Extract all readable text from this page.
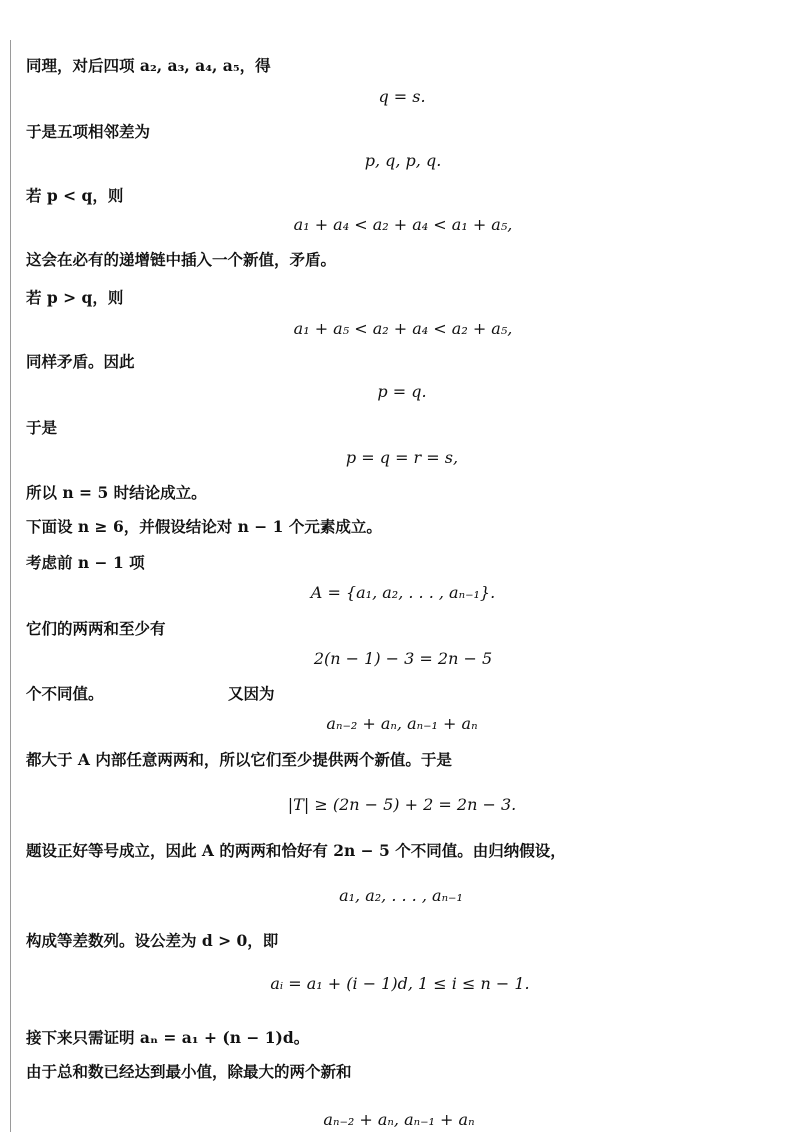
同理，对后四项 a₂, a₃, a₄, a₅，得
q = s.
于是五项相邻差为
p, q, p, q.
若 p < q，则
a₁ + a₄ < a₂ + a₄ < a₁ + a₅,
这会在必有的递增链中插入一个新值，矛盾。
若 p > q，则
a₁ + a₅ < a₂ + a₄ < a₂ + a₅,
同样矛盾。因此
p = q.
于是
p = q = r = s,
所以 n = 5 时结论成立。
下面设 n ≥ 6，并假设结论对 n − 1 个元素成立。
考虑前 n − 1 项
A = {a₁, a₂, . . . , aₙ₋₁}.
它们的两两和至少有
2(n − 1) − 3 = 2n − 5
个不同值。	又因为
aₙ₋₂ + aₙ, aₙ₋₁ + aₙ
都大于 A 内部任意两两和，所以它们至少提供两个新值。于是
|T| ≥ (2n − 5) + 2 = 2n − 3.
题设正好等号成立，因此 A 的两两和恰好有 2n − 5 个不同值。由归纳假设，
a₁, a₂, . . . , aₙ₋₁
构成等差数列。设公差为 d > 0，即
aᵢ = a₁ + (i − 1)d, 1 ≤ i ≤ n − 1.
接下来只需证明 aₙ = a₁ + (n − 1)d。
由于总和数已经达到最小值，除最大的两个新和
aₙ₋₂ + aₙ, aₙ₋₁ + aₙ
